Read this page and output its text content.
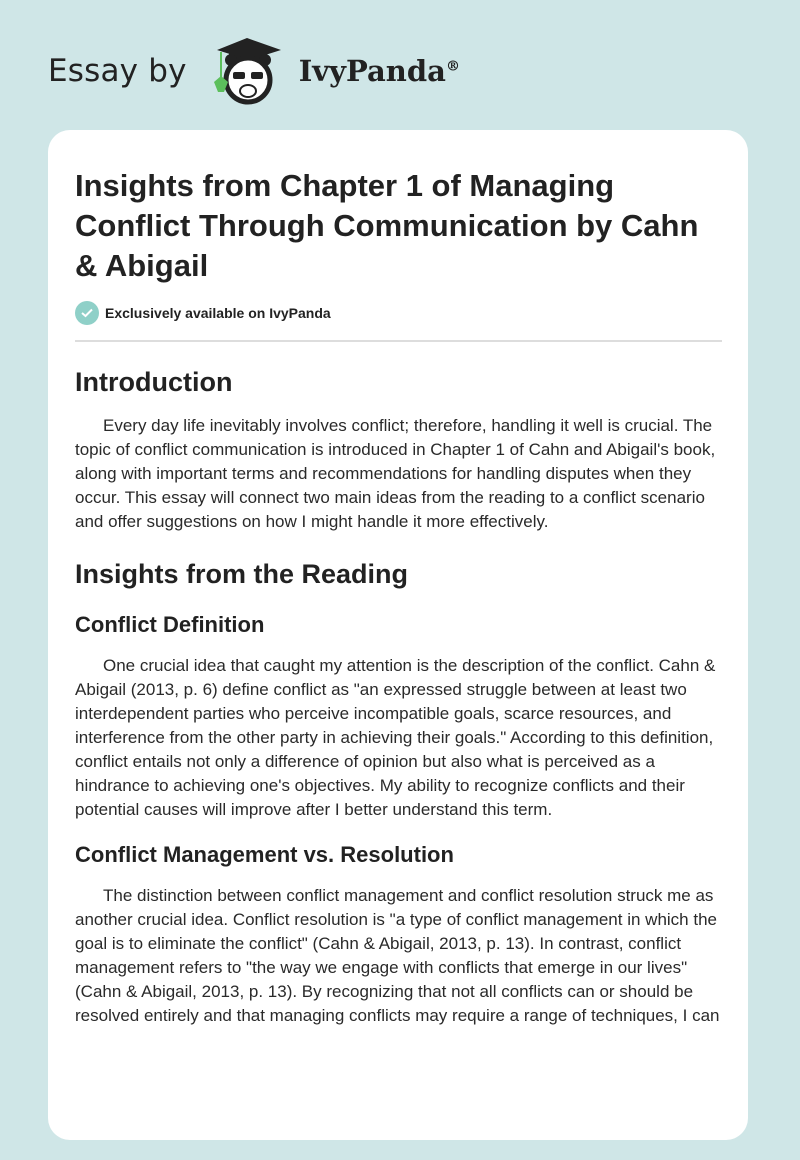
Essay by	IvyPanda®
Insights from Chapter 1 of Managing Conflict Through Communication by Cahn & Abigail
Exclusively available on IvyPanda
Introduction

Every day life inevitably involves conflict; therefore, handling it well is crucial. The topic of conflict communication is introduced in Chapter 1 of Cahn and Abigail's book, along with important terms and recommendations for handling disputes when they occur. This essay will connect two main ideas from the reading to a conflict scenario and offer suggestions on how I might handle it more effectively.

Insights from the Reading
Conflict Definition

One crucial idea that caught my attention is the description of the conflict. Cahn & Abigail (2013, p. 6) define conflict as "an expressed struggle between at least two interdependent parties who perceive incompatible goals, scarce resources, and interference from the other party in achieving their goals." According to this definition, conflict entails not only a difference of opinion but also what is perceived as a hindrance to achieving one's objectives. My ability to recognize conflicts and their potential causes will improve after I better understand this term.

Conflict Management vs. Resolution

The distinction between conflict management and conflict resolution struck me as another crucial idea. Conflict resolution is "a type of conflict management in which the goal is to eliminate the conflict" (Cahn & Abigail, 2013, p. 13). In contrast, conflict management refers to "the way we engage with conflicts that emerge in our lives" (Cahn & Abigail, 2013, p. 13). By recognizing that not all conflicts can or should be resolved entirely and that managing conflicts may require a range of techniques, I can
